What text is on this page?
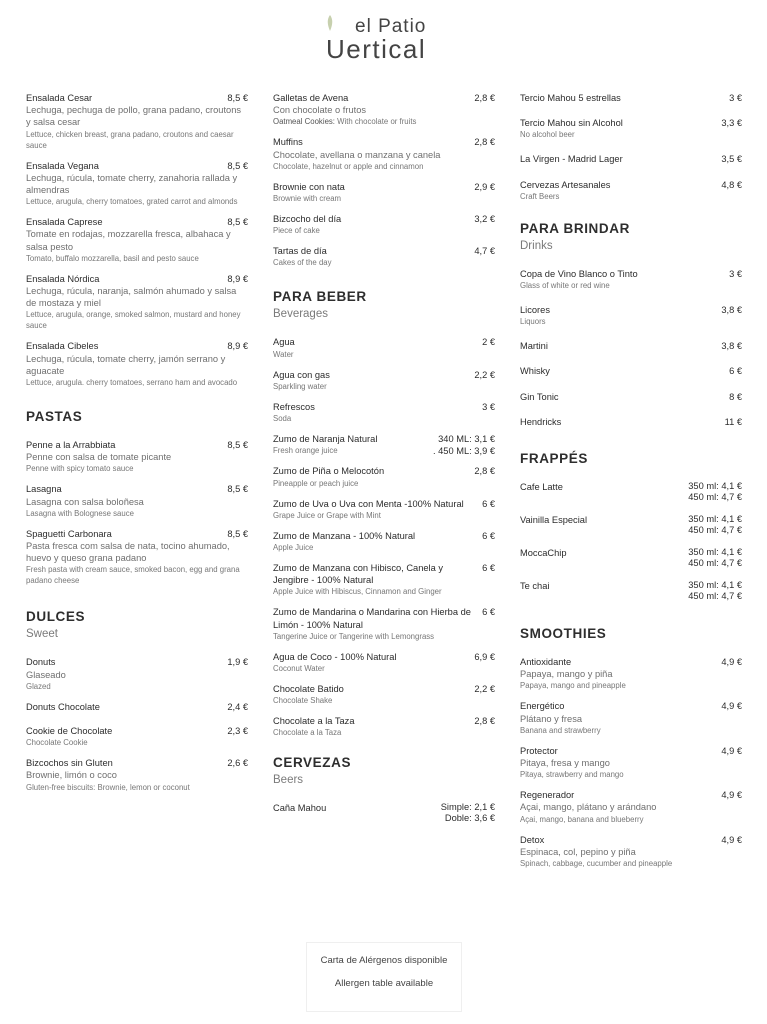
el Patio
Uertical
Ensalada Cesar	8,5 €
Lechuga, pechuga de pollo, grana padano, croutons y salsa cesar
Lettuce, chicken breast, grana padano, croutons and caesar sauce
Ensalada Vegana	8,5 €
Lechuga, rúcula, tomate cherry, zanahoria rallada y almendras
Lettuce, arugula, cherry tomatoes, grated carrot and almonds
Ensalada Caprese	8,5 €
Tomate en rodajas, mozzarella fresca, albahaca y salsa pesto
Tomato, buffalo mozzarella, basil and pesto sauce
Ensalada Nórdica	8,9 €
Lechuga, rúcula, naranja, salmón ahumado y salsa de mostaza y miel
Lettuce, arugula, orange, smoked salmon, mustard and honey sauce
Ensalada Cibeles	8,9 €
Lechuga, rúcula, tomate cherry, jamón serrano y aguacate
Lettuce, arugula. cherry tomatoes, serrano ham and avocado
PASTAS
Penne a la Arrabbiata	8,5 €
Penne con salsa de tomate picante
Penne with spicy tomato sauce
Lasagna	8,5 €
Lasagna con salsa boloñesa
Lasagna with Bolognese sauce
Spaguetti Carbonara	8,5 €
Pasta fresca com salsa de nata, tocino ahumado, huevo y queso grana padano
Fresh pasta with cream sauce, smoked bacon, egg and grana padano cheese
DULCES
Sweet
Donuts	1,9 €
Glaseado
Glazed
Donuts Chocolate	2,4 €
Cookie de Chocolate	2,3 €
Chocolate Cookie
Bizcochos sin Gluten	2,6 €
Brownie, limón o coco
Gluten-free biscuits: Brownie, lemon or coconut
Galletas de Avena	2,8 €
Con chocolate o frutos
Oatmeal Cookies: With chocolate or fruits
Muffins	2,8 €
Chocolate, avellana o manzana y canela
Chocolate, hazelnut or apple and cinnamon
Brownie con nata	2,9 €
Brownie with cream
Bizcocho del día	3,2 €
Piece of cake
Tartas de día	4,7 €
Cakes of the day
PARA BEBER
Beverages
Agua	2 €
Water
Agua con gas	2,2 €
Sparkling water
Refrescos	3 €
Soda
Zumo de Naranja Natural	340 ML: 3,1 €
. 450 ML: 3,9 €
Fresh orange juice
Zumo de Piña o Melocotón	2,8 €
Pineapple or peach juice
Zumo de Uva o Uva con Menta -100% Natural	6 €
Grape Juice or Grape with Mint
Zumo de Manzana - 100% Natural	6 €
Apple Juice
Zumo de Manzana con Hibisco, Canela y Jengibre - 100% Natural
6 €
Apple Juice with Hibiscus, Cinnamon and Ginger
Zumo de Mandarina o Mandarina con Hierba de Limón - 100% Natural
6 €
Tangerine Juice or Tangerine with Lemongrass
Agua de Coco - 100% Natural	6,9 €
Coconut Water
Chocolate Batido	2,2 €
Chocolate Shake
Chocolate a la Taza	2,8 €
Chocolate a la Taza
CERVEZAS
Beers
Caña Mahou	Simple: 2,1 €
Doble: 3,6 €
Tercio Mahou 5 estrellas	3 €
Tercio Mahou sin Alcohol	3,3 €
No alcohol beer
La Virgen - Madrid Lager	3,5 €
Cervezas Artesanales	4,8 €
Craft Beers
PARA BRINDAR
Drinks
Copa de Vino Blanco o Tinto	3 €
Glass of white or red wine
Licores	3,8 €
Liquors
Martini	3,8 €
Whisky	6 €
Gin Tonic	8 €
Hendricks	11 €
FRAPPÉS
Cafe Latte	350 ml: 4,1 €
450 ml: 4,7 €
Vainilla Especial	350 ml: 4,1 €
450 ml: 4,7 €
MoccaChip	350 ml: 4,1 €
450 ml: 4,7 €
Te chai	350 ml: 4,1 €
450 ml: 4,7 €
SMOOTHIES
Antioxidante	4,9 €
Papaya, mango y piña
Papaya, mango and pineapple
Energético	4,9 €
Plátano y fresa
Banana and strawberry
Protector	4,9 €
Pitaya, fresa y mango
Pitaya, strawberry and mango
Regenerador	4,9 €
Açai, mango, plátano y arándano
Açai, mango, banana and blueberry
Detox	4,9 €
Espinaca, col, pepino y piña
Spinach, cabbage, cucumber and pineapple
Carta de Alérgenos disponible
Allergen table available
